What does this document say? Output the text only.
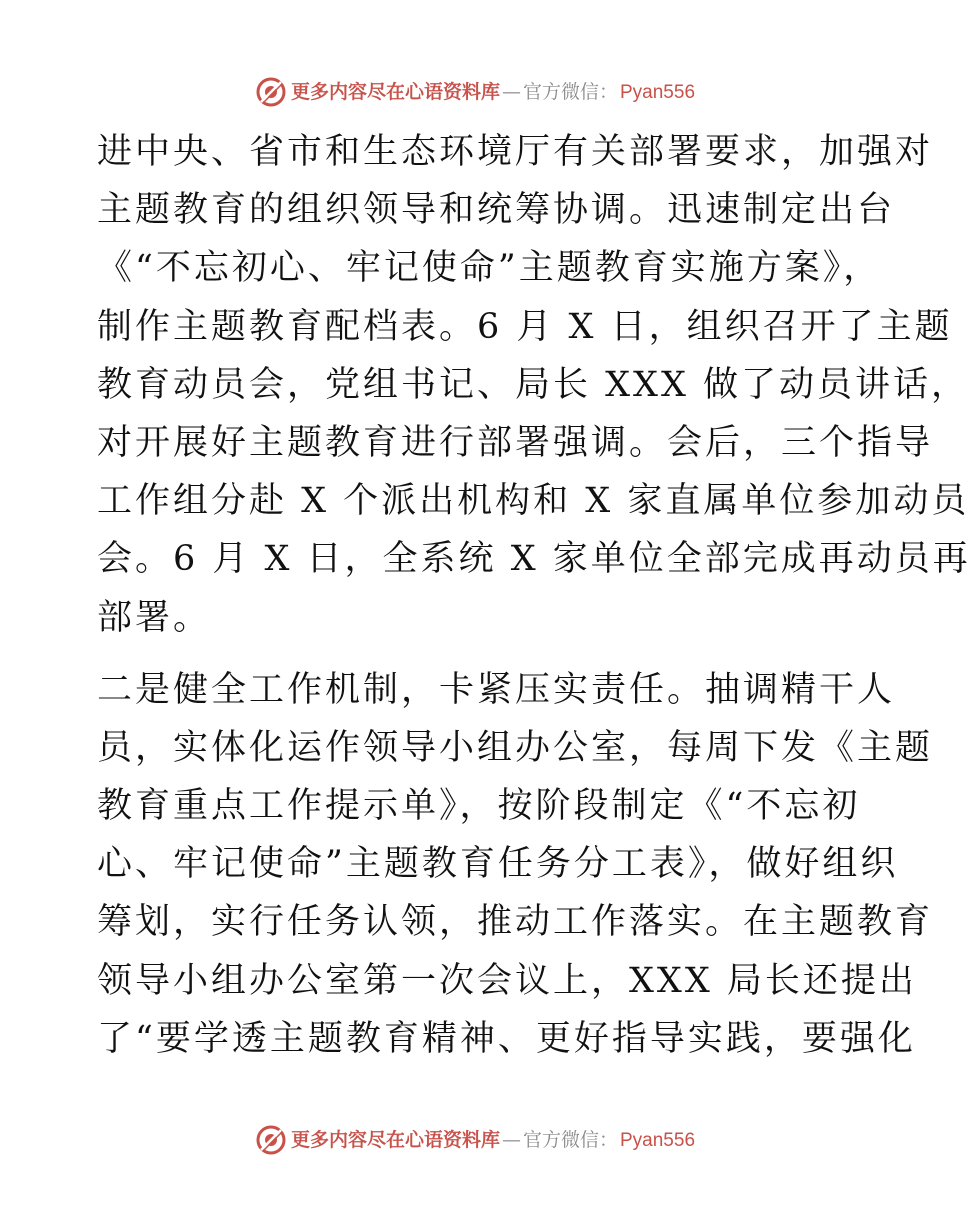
更多内容尽在心语资料库 — 官方微信： Pyan556
进中央、省市和生态环境厅有关部署要求，加强对
主题教育的组织领导和统筹协调。迅速制定出台
《“不忘初心、牢记使命”主题教育实施方案》，
制作主题教育配档表。6 月 X 日，组织召开了主题
教育动员会，党组书记、局长 XXX 做了动员讲话，
对开展好主题教育进行部署强调。会后，三个指导
工作组分赴 X 个派出机构和 X 家直属单位参加动员
会。6 月 X 日，全系统 X 家单位全部完成再动员再
部署。
二是健全工作机制，卡紧压实责任。抽调精干人
员，实体化运作领导小组办公室，每周下发《主题
教育重点工作提示单》，按阶段制定《“不忘初
心、牢记使命”主题教育任务分工表》，做好组织
筹划，实行任务认领，推动工作落实。在主题教育
领导小组办公室第一次会议上，XXX 局长还提出
了“要学透主题教育精神、更好指导实践，要强化
更多内容尽在心语资料库 — 官方微信： Pyan556
